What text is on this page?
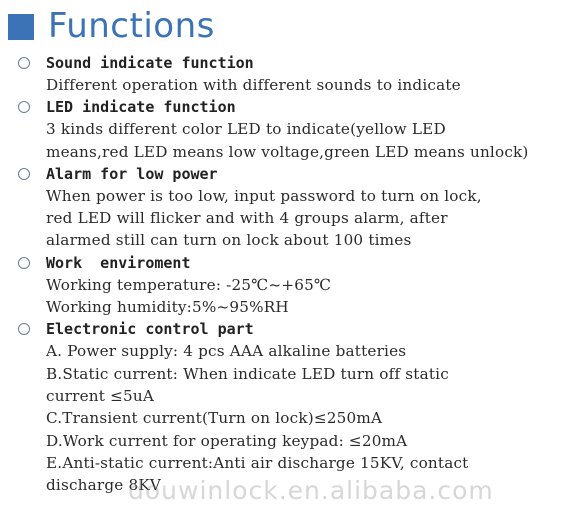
Functions
Sound indicate function
Different operation with different sounds to indicate
LED indicate function
3 kinds different color LED to indicate(yellow LED
means,red LED means low voltage,green LED means unlock)
Alarm for low power
When power is too low, input password to turn on lock,
red LED will flicker and with 4 groups alarm, after
alarmed still can turn on lock about 100 times
Work  enviroment
Working temperature: -25℃~+65℃
Working humidity:5%~95%RH
Electronic control part
A. Power supply: 4 pcs AAA alkaline batteries
B.Static current: When indicate LED turn off static
current ≤5uA
C.Transient current(Turn on lock)≤250mA
D.Work current for operating keypad: ≤20mA
E.Anti-static current:Anti air discharge 15KV, contact
discharge 8KV
douwinlock.en.alibaba.com
